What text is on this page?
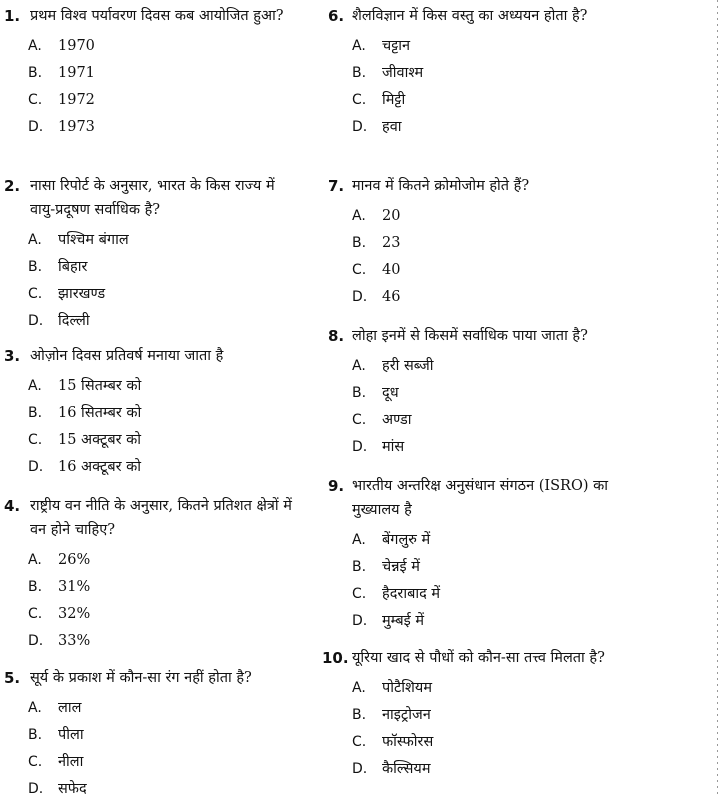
1. प्रथम विश्व पर्यावरण दिवस कब आयोजित हुआ?
A. 1970
B. 1971
C. 1972
D. 1973
2. नासा रिपोर्ट के अनुसार, भारत के किस राज्य में वायु-प्रदूषण सर्वाधिक है?
A. पश्चिम बंगाल
B. बिहार
C. झारखण्ड
D. दिल्ली
3. ओज़ोन दिवस प्रतिवर्ष मनाया जाता है
A. 15 सितम्बर को
B. 16 सितम्बर को
C. 15 अक्टूबर को
D. 16 अक्टूबर को
4. राष्ट्रीय वन नीति के अनुसार, कितने प्रतिशत क्षेत्रों में वन होने चाहिए?
A. 26%
B. 31%
C. 32%
D. 33%
5. सूर्य के प्रकाश में कौन-सा रंग नहीं होता है?
A. लाल
B. पीला
C. नीला
D. सफेद
6. शैलविज्ञान में किस वस्तु का अध्ययन होता है?
A. चट्टान
B. जीवाश्म
C. मिट्टी
D. हवा
7. मानव में कितने क्रोमोजोम होते हैं?
A. 20
B. 23
C. 40
D. 46
8. लोहा इनमें से किसमें सर्वाधिक पाया जाता है?
A. हरी सब्जी
B. दूध
C. अण्डा
D. मांस
9. भारतीय अन्तरिक्ष अनुसंधान संगठन (ISRO) का मुख्यालय है
A. बेंगलुरु में
B. चेन्नई में
C. हैदराबाद में
D. मुम्बई में
10. यूरिया खाद से पौधों को कौन-सा तत्त्व मिलता है?
A. पोटैशियम
B. नाइट्रोजन
C. फॉस्फोरस
D. कैल्सियम
